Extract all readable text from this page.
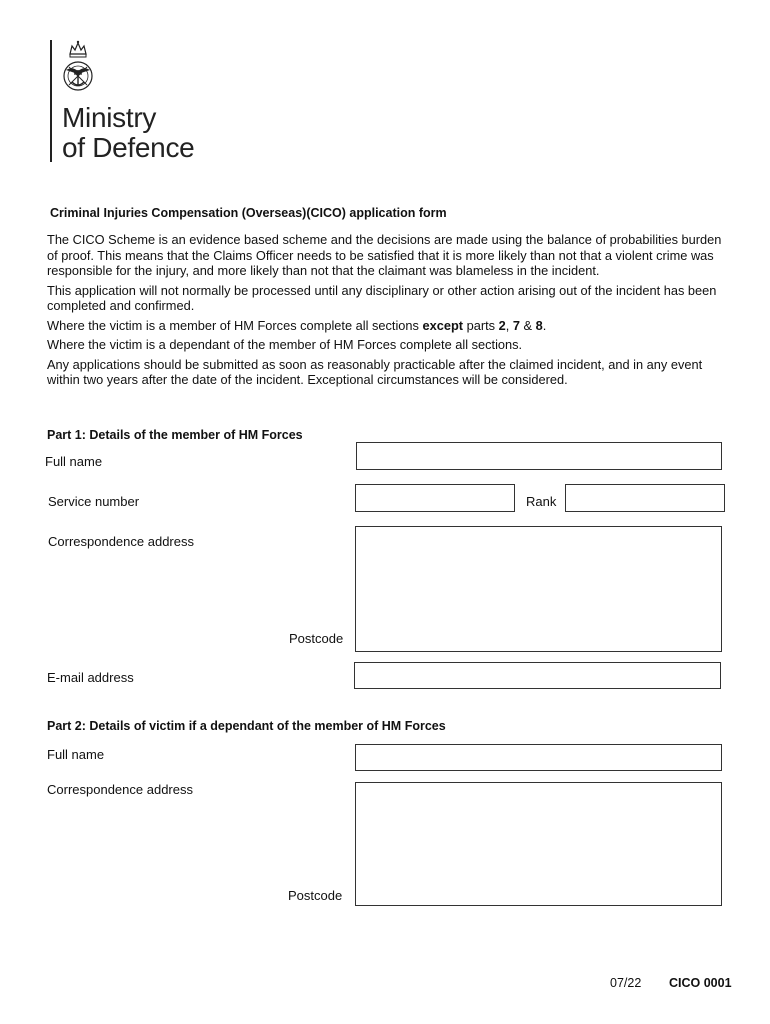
Ministry
of Defence
Criminal Injuries Compensation (Overseas)(CICO) application form

The CICO Scheme is an evidence based scheme and the decisions are made using the balance of probabilities burden of proof. This means that the Claims Officer needs to be satisfied that it is more likely than not that a violent crime was responsible for the injury, and more likely than not that the claimant was blameless in the incident.

This application will not normally be processed until any disciplinary or other action arising out of the incident has been completed and confirmed.

Where the victim is a member of HM Forces complete all sections except parts 2, 7 & 8.

Where the victim is a dependant of the member of HM Forces complete all sections.

Any applications should be submitted as soon as reasonably practicable after the claimed incident, and in any event within two years after the date of the incident. Exceptional circumstances will be considered.

Part 1: Details of the member of HM Forces
Full name
Service number	Rank
Correspondence address
Postcode
E-mail address
Part 2: Details of victim if a dependant of the member of HM Forces
Full name
Correspondence address
Postcode
07/22 CICO 0001
